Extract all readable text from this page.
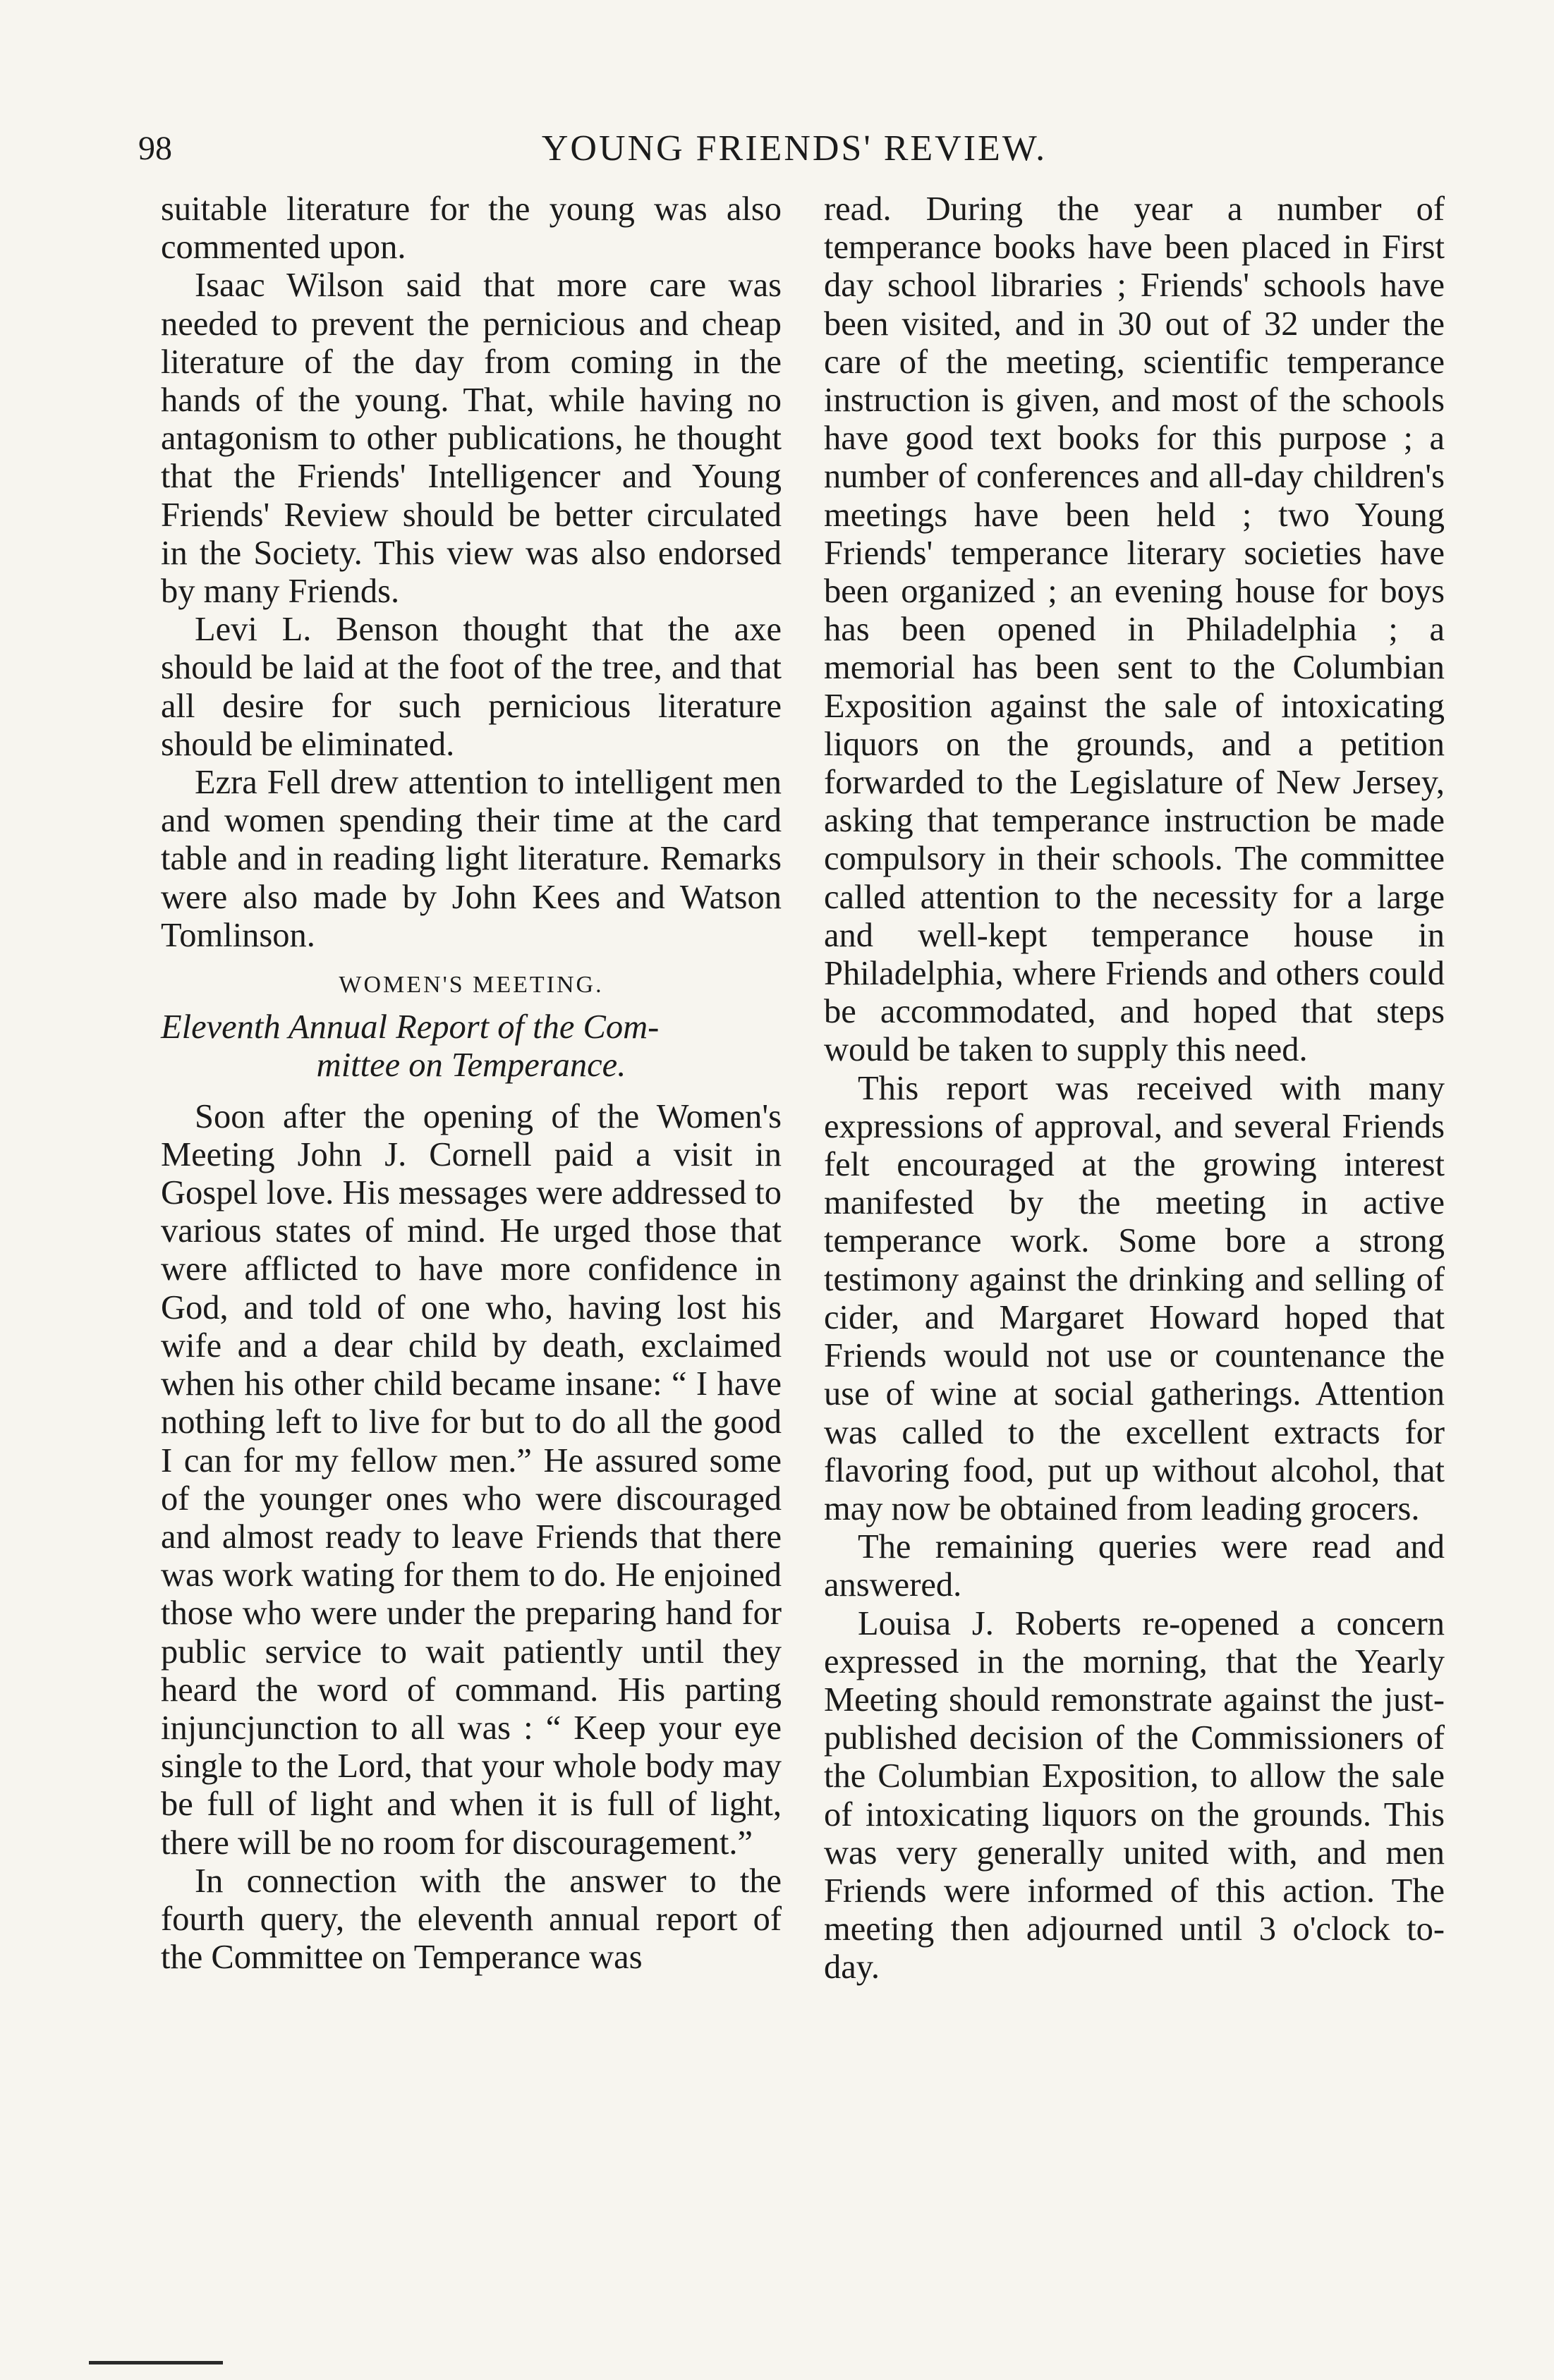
98	YOUNG FRIENDS' REVIEW.

suitable literature for the young was also commented upon.

Isaac Wilson said that more care was needed to prevent the pernicious and cheap literature of the day from coming in the hands of the young. That, while having no antagonism to other publications, he thought that the Friends' Intelligencer and Young Friends' Review should be better circulated in the Society. This view was also endorsed by many Friends.

Levi L. Benson thought that the axe should be laid at the foot of the tree, and that all desire for such pernicious literature should be eliminated.

Ezra Fell drew attention to intelligent men and women spending their time at the card table and in reading light literature. Remarks were also made by John Kees and Watson Tomlinson.

WOMEN'S MEETING.
Eleventh Annual Report of the Com-
mittee on Temperance.

Soon after the opening of the Women's Meeting John J. Cornell paid a visit in Gospel love. His messages were addressed to various states of mind. He urged those that were afflicted to have more confidence in God, and told of one who, having lost his wife and a dear child by death, exclaimed when his other child became insane: “ I have nothing left to live for but to do all the good I can for my fellow men.” He assured some of the younger ones who were discouraged and almost ready to leave Friends that there was work wating for them to do. He enjoined those who were under the preparing hand for public service to wait patiently until they heard the word of command. His parting injuncjunction to all was : “ Keep your eye single to the Lord, that your whole body may be full of light and when it is full of light, there will be no room for discouragement.”

In connection with the answer to the fourth query, the eleventh annual report of the Committee on Temperance was

read. During the year a number of temperance books have been placed in First day school libraries ; Friends' schools have been visited, and in 30 out of 32 under the care of the meeting, scientific temperance instruction is given, and most of the schools have good text books for this purpose ; a number of conferences and all-day children's meetings have been held ; two Young Friends' temperance literary societies have been organized ; an evening house for boys has been opened in Philadelphia ; a memorial has been sent to the Columbian Exposition against the sale of intoxicating liquors on the grounds, and a petition forwarded to the Legislature of New Jersey, asking that temperance instruction be made compulsory in their schools. The committee called attention to the necessity for a large and well-kept temperance house in Philadelphia, where Friends and others could be accommodated, and hoped that steps would be taken to supply this need.

This report was received with many expressions of approval, and several Friends felt encouraged at the growing interest manifested by the meeting in active temperance work. Some bore a strong testimony against the drinking and selling of cider, and Margaret Howard hoped that Friends would not use or countenance the use of wine at social gatherings. Attention was called to the excellent extracts for flavoring food, put up without alcohol, that may now be obtained from leading grocers.

The remaining queries were read and answered.

Louisa J. Roberts re-opened a concern expressed in the morning, that the Yearly Meeting should remonstrate against the just-published decision of the Commissioners of the Columbian Exposition, to allow the sale of intoxicating liquors on the grounds. This was very generally united with, and men Friends were informed of this action. The meeting then adjourned until 3 o'clock to-day.
